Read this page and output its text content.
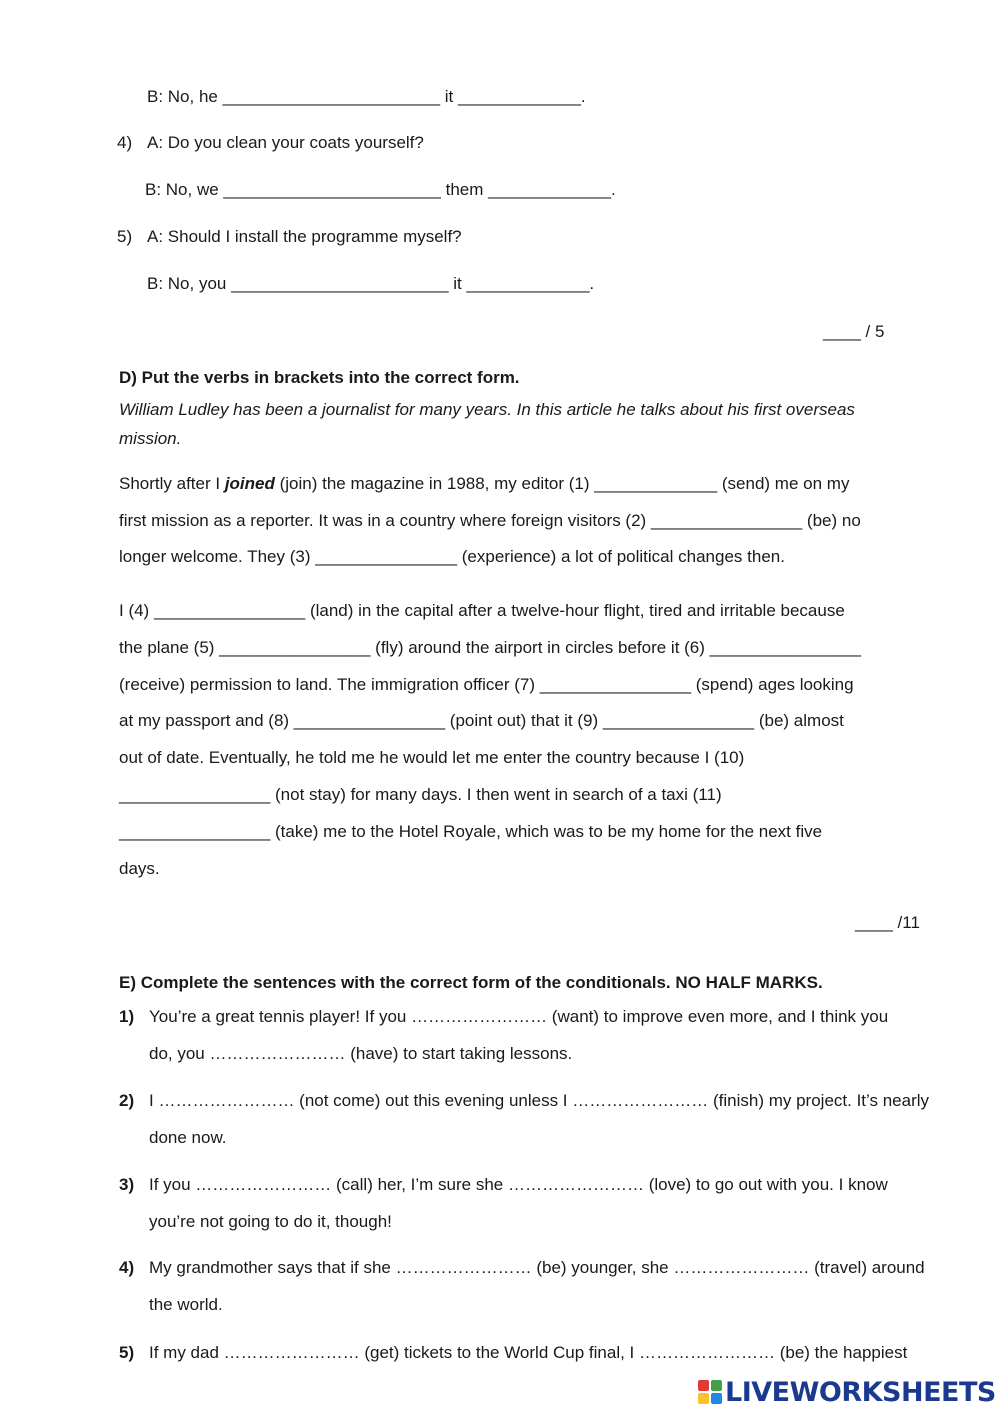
B: No, he _______________________ it _____________.
4) A: Do you clean your coats yourself?
B: No, we _______________________ them _____________.
5) A: Should I install the programme myself?
B: No, you _______________________ it _____________.
____ / 5
D) Put the verbs in brackets into the correct form.
William Ludley has been a journalist for many years. In this article he talks about his first overseas
mission.
Shortly after I joined (join) the magazine in 1988, my editor (1) _____________ (send) me on my
first mission as a reporter. It was in a country where foreign visitors (2) ________________ (be) no
longer welcome. They (3) _______________ (experience) a lot of political changes then.
I (4) ________________ (land) in the capital after a twelve-hour flight, tired and irritable because
the plane (5) ________________ (fly) around the airport in circles before it (6) ________________
(receive) permission to land. The immigration officer (7) ________________ (spend) ages looking
at my passport and (8) ________________ (point out) that it (9) ________________ (be) almost
out of date. Eventually, he told me he would let me enter the country because I (10)
________________ (not stay) for many days. I then went in search of a taxi (11)
________________ (take) me to the Hotel Royale, which was to be my home for the next five
days.
____ /11
E) Complete the sentences with the correct form of the conditionals. NO HALF MARKS.
1) You’re a great tennis player! If you …………………… (want) to improve even more, and I think you
do, you …………………… (have) to start taking lessons.
2) I …………………… (not come) out this evening unless I …………………… (finish) my project. It’s nearly
done now.
3) If you …………………… (call) her, I’m sure she …………………… (love) to go out with you. I know
you’re not going to do it, though!
4) My grandmother says that if she …………………… (be) younger, she …………………… (travel) around
the world.
5) If my dad …………………… (get) tickets to the World Cup final, I …………………… (be) the happiest
LIVEWORKSHEETS
